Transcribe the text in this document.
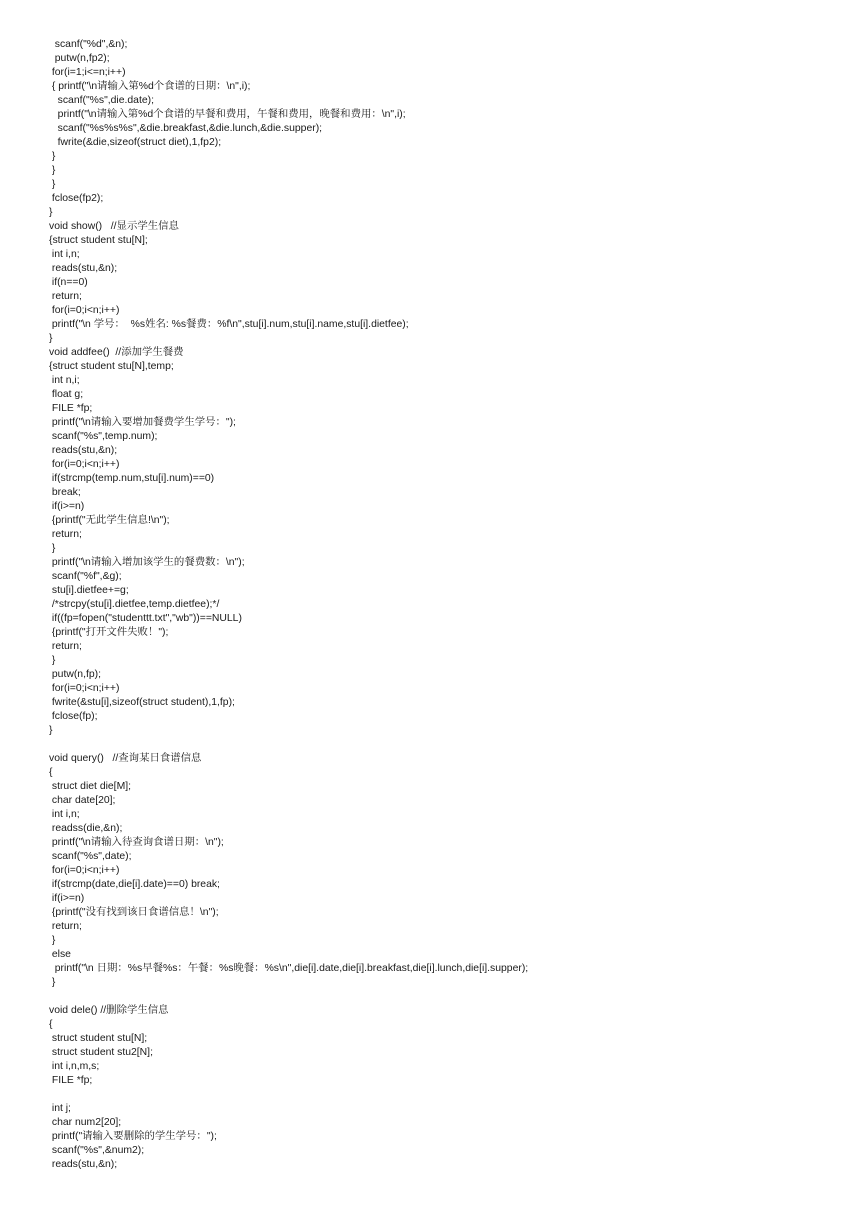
scanf("%d",&n);
putw(n,fp2);
for(i=1;i<=n;i++)
{ printf("\n请输入第%d个食谱的日期：\n",i);
scanf("%s",die.date);
printf("\n请输入第%d个食谱的早餐和费用，午餐和费用，晚餐和费用：\n",i);
scanf("%s%s%s",&die.breakfast,&die.lunch,&die.supper);
fwrite(&die,sizeof(struct diet),1,fp2);
}
}
}
fclose(fp2);
}
void show()   //显示学生信息
{struct student stu[N];
int i,n;
reads(stu,&n);
if(n==0)
return;
for(i=0;i<n;i++)
printf("\n 学号：  %s姓名: %s餐费：%f\n",stu[i].num,stu[i].name,stu[i].dietfee);
}
void addfee()  //添加学生餐费
{struct student stu[N],temp;
int n,i;
float g;
FILE *fp;
printf("\n请输入要增加餐费学生学号：");
scanf("%s",temp.num);
reads(stu,&n);
for(i=0;i<n;i++)
if(strcmp(temp.num,stu[i].num)==0)
break;
if(i>=n)
{printf("无此学生信息!\n");
return;
}
printf("\n请输入增加该学生的餐费数：\n");
scanf("%f",&g);
stu[i].dietfee+=g;
/*strcpy(stu[i].dietfee,temp.dietfee);*/
if((fp=fopen("studenttt.txt","wb"))==NULL)
{printf("打开文件失败！");
return;
}
putw(n,fp);
for(i=0;i<n;i++)
fwrite(&stu[i],sizeof(struct student),1,fp);
fclose(fp);
}
void query()   //查询某日食谱信息
{
struct diet die[M];
char date[20];
int i,n;
readss(die,&n);
printf("\n请输入待查询食谱日期：\n");
scanf("%s",date);
for(i=0;i<n;i++)
if(strcmp(date,die[i].date)==0) break;
if(i>=n)
{printf("没有找到该日食谱信息！\n");
return;
}
else
printf("\n 日期：%s早餐%s：午餐：%s晚餐：%s\n",die[i].date,die[i].breakfast,die[i].lunch,die[i].supper);
}
void dele() //删除学生信息
{
struct student stu[N];
struct student stu2[N];
int i,n,m,s;
FILE *fp;
int j;
char num2[20];
printf("请输入要删除的学生学号：");
scanf("%s",&num2);
reads(stu,&n);
